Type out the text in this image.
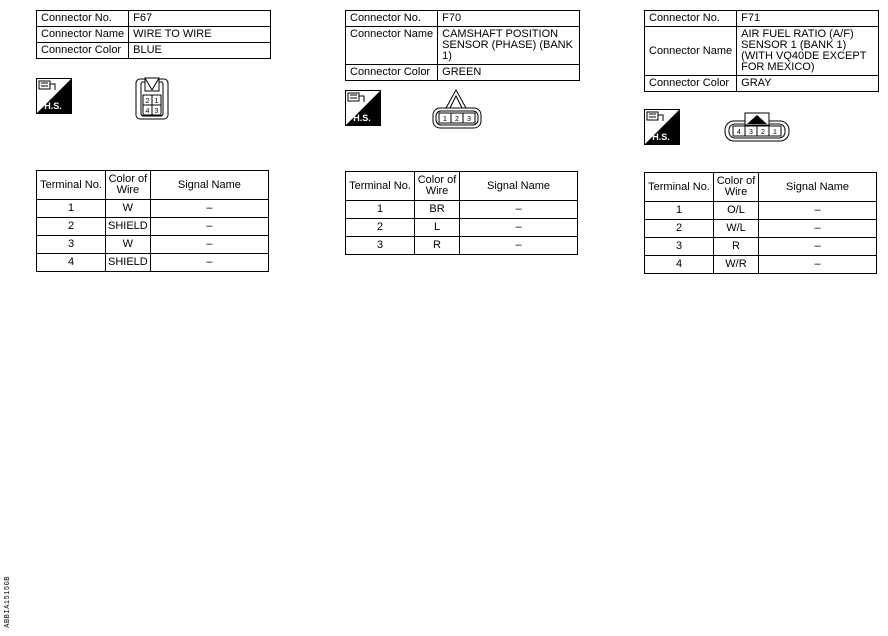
Connector No.	F67
Connector Name	WIRE TO WIRE
Connector Color	BLUE
H.S.	2 1
4 3
Terminal No.	Color of Wire	Signal Name
1	W	–
2	SHIELD	–
3	W	–
4	SHIELD	–
Connector No.	F70
Connector Name	CAMSHAFT POSITION SENSOR (PHASE) (BANK 1)
Connector Color	GREEN
H.S.	1 2 3
Terminal No.	Color of Wire	Signal Name
1	BR	–
2	L	–
3	R	–
Connector No.	F71
Connector Name	AIR FUEL RATIO (A/F) SENSOR 1 (BANK 1) (WITH VQ40DE EXCEPT FOR MEXICO)
Connector Color	GRAY
H.S.	4 3 2 1
Terminal No.	Color of Wire	Signal Name
1	O/L	–
2	W/L	–
3	R	–
4	W/R	–
ABBIA1515GB
